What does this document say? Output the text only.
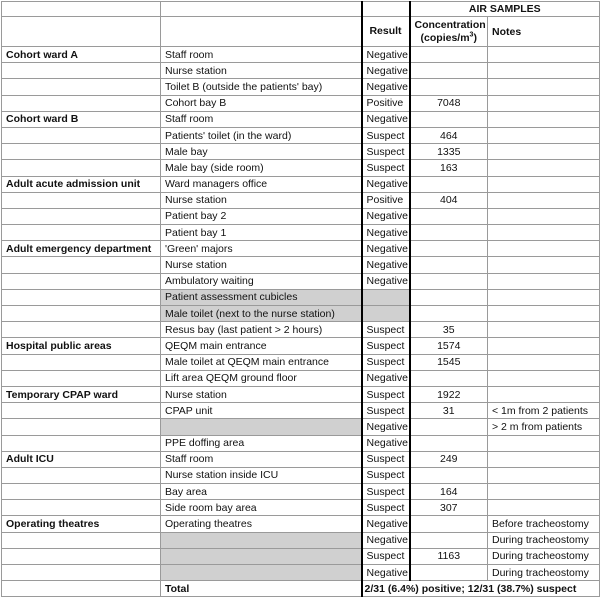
			AIR SAMPLES	
		Result	Concentration
$(copies/m^3)$	Notes
Cohort ward A	Staff room	Negative		
	Nurse station	Negative		
	Toilet B (outside the patients' bay)	Negative		
	Cohort bay B	Positive	7048	
Cohort ward B	Staff room	Negative		
	Patients' toilet (in the ward)	Suspect	464	
	Male bay	Suspect	1335	
	Male bay (side room)	Suspect	163	
Adult acute admission unit	Ward managers office	Negative		
	Nurse station	Positive	404	
	Patient bay 2	Negative		
	Patient bay 1	Negative		
Adult emergency department	'Green' majors	Negative		
	Nurse station	Negative		
	Ambulatory waiting	Negative		
	Patient assessment cubicles			
	Male toilet (next to the nurse station)			
	Resus bay (last patient > 2 hours)	Suspect	35	
Hospital public areas	QEQM main entrance	Suspect	1574	
	Male toilet at QEQM main entrance	Suspect	1545	
	Lift area QEQM ground floor	Negative		
Temporary CPAP ward	Nurse station	Suspect	1922	
	CPAP unit	Suspect	31	< 1m from 2 patients
		Negative		> 2 m from patients
	PPE doffing area	Negative		
Adult ICU	Staff room	Suspect	249	
	Nurse station inside ICU	Suspect		
	Bay area	Suspect	164	
	Side room bay area	Suspect	307	
Operating theatres	Operating theatres	Negative		Before tracheostomy
		Negative		During tracheostomy
		Suspect	1163	During tracheostomy
		Negative		During tracheostomy
	Total	2/31 (6.4%) positive; 12/31 (38.7%) suspect		
